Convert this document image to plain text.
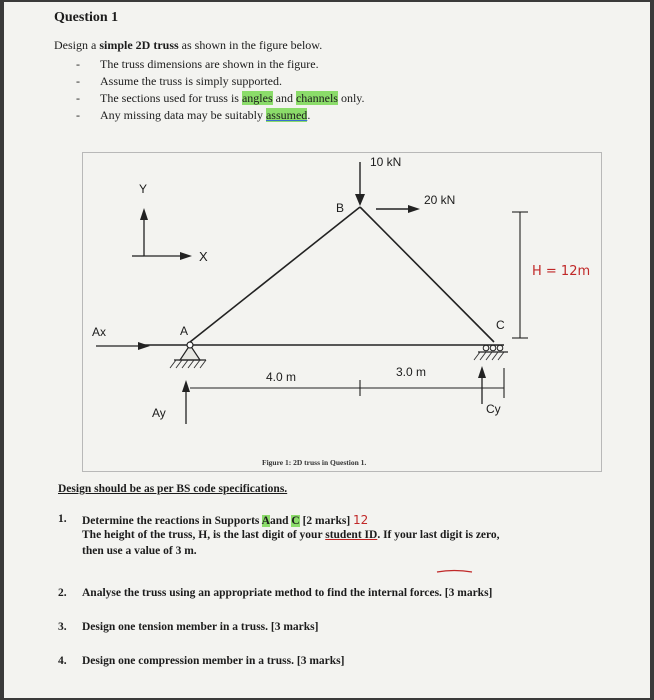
Question 1
Design a simple 2D truss as shown in the figure below.
- The truss dimensions are shown in the figure.
- Assume the truss is simply supported.
- The sections used for truss is angles and channels only.
- Any missing data may be suitably assumed.
10 kN
20 kN
B
Y
X
Ax	A
Ay
C
Cy
4.0 m	3.0 m
H = 12m
Figure 1: 2D truss in Question 1.
Design should be as per BS code specifications.
1. Determine the reactions in Supports Aand C [2 marks] 12
The height of the truss, H, is the last digit of your student ID. If your last digit is zero,
then use a value of 3 m.
2. Analyse the truss using an appropriate method to find the internal forces. [3 marks]
3. Design one tension member in a truss. [3 marks]
4. Design one compression member in a truss. [3 marks]
